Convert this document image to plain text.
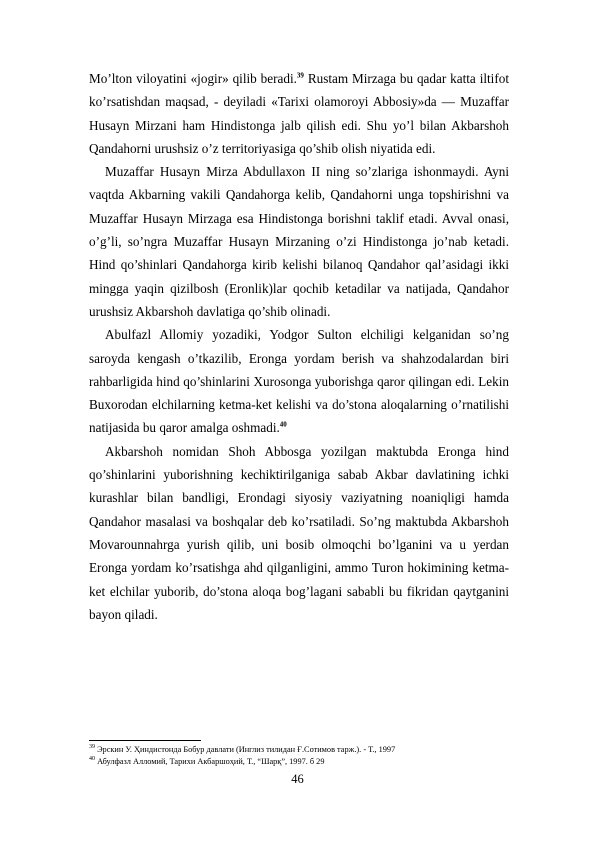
Mo’lton viloyatini «jogir» qilib beradi.$^{39}$ Rustam Mirzaga bu qadar katta iltifot ko’rsatishdan maqsad, - deyiladi «Tarixi olamoroyi Abbosiy»da — Muzaffar Husayn Mirzani ham Hindistonga jalb qilish edi. Shu yo’l bilan Akbarshoh Qandahorni urushsiz o’z territoriyasiga qo’shib olish niyatida edi.

Muzaffar Husayn Mirza Abdullaxon II ning so’zlariga ishonmaydi. Ayni vaqtda Akbarning vakili Qandahorga kelib, Qandahorni unga topshirishni va Muzaffar Husayn Mirzaga esa Hindistonga borishni taklif etadi. Avval onasi, o’g’li, so’ngra Muzaffar Husayn Mirzaning o’zi Hindistonga jo’nab ketadi. Hind qo’shinlari Qandahorga kirib kelishi bilanoq Qandahor qal’asidagi ikki mingga yaqin qizilbosh (Eronlik)lar qochib ketadilar va natijada, Qandahor urushsiz Akbarshoh davlatiga qo’shib olinadi.

Abulfazl Allomiy yozadiki, Yodgor Sulton elchiligi kelganidan so’ng saroyda kengash o’tkazilib, Eronga yordam berish va shahzodalardan biri rahbarligida hind qo’shinlarini Xurosonga yuborishga qaror qilingan edi. Lekin Buxorodan elchilarning ketma-ket kelishi va do’stona aloqalarning o’rnatilishi natijasida bu qaror amalga oshmadi.$^{40}$

Akbarshoh nomidan Shoh Abbosga yozilgan maktubda Eronga hind qo’shinlarini yuborishning kechiktirilganiga sabab Akbar davlatining ichki kurashlar bilan bandligi, Erondagi siyosiy vaziyatning noaniqligi hamda Qandahor masalasi va boshqalar deb ko’rsatiladi. So’ng maktubda Akbarshoh Movarounnahrga yurish qilib, uni bosib olmoqchi bo’lganini va u yerdan Eronga yordam ko’rsatishga ahd qilganligini, ammo Turon hokimining ketma-ket elchilar yuborib, do’stona aloqa bog’lagani sababli bu fikridan qaytganini bayon qiladi.

$^{39}$ Эрскин У. Ҳиндистонда Бобур давлати (Инглиз тилидан Ғ.Сотимов тарж.). - Т., 1997

$^{40}$ Абулфазл Алломий, Тарихи Акбаршоҳий, Т., “Шарқ”, 1997. б 29

46
